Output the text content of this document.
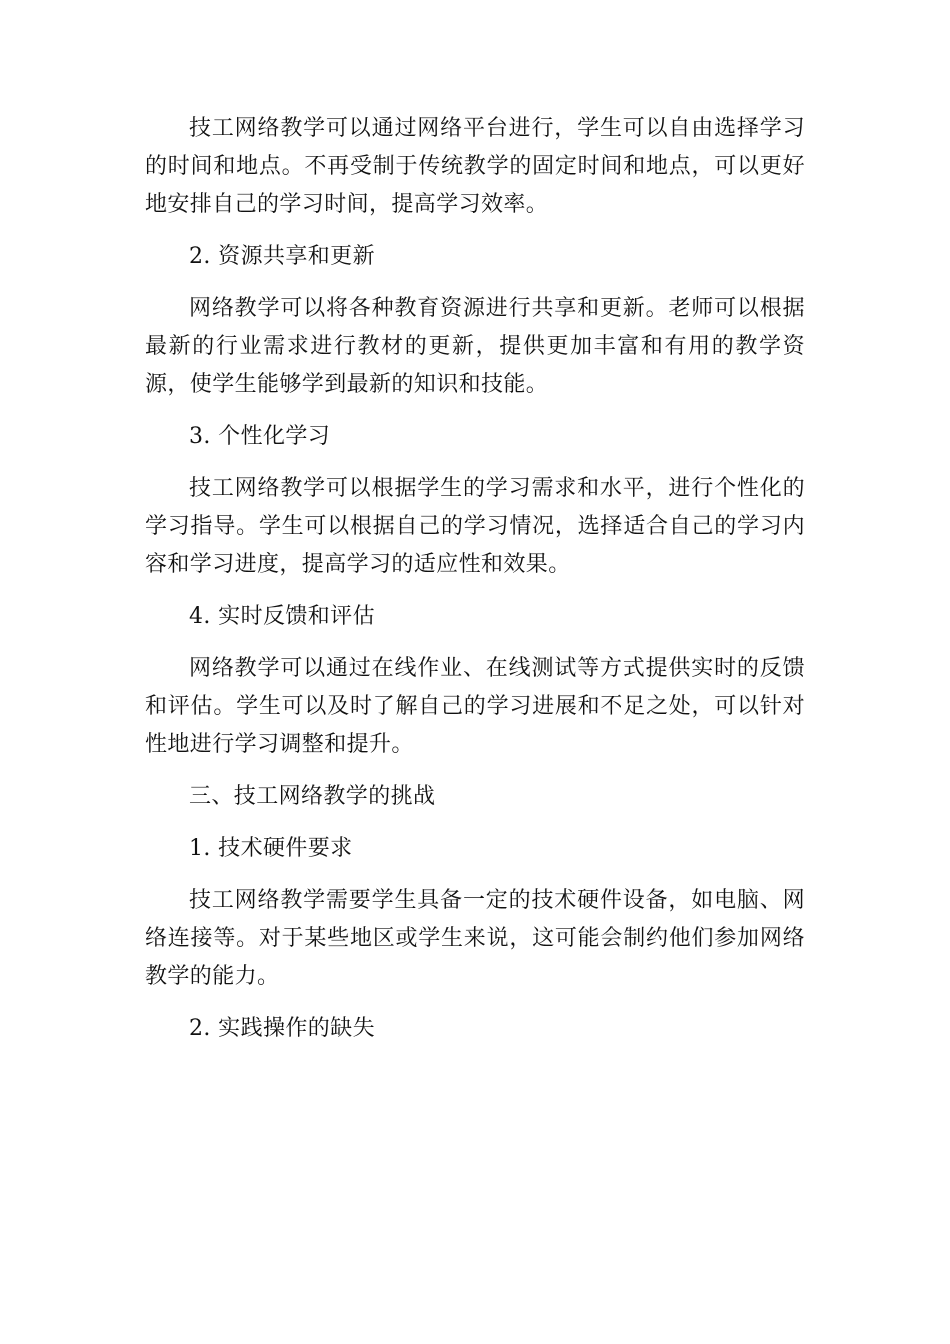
技工网络教学可以通过网络平台进行，学生可以自由选择学习的时间和地点。不再受制于传统教学的固定时间和地点，可以更好地安排自己的学习时间，提高学习效率。

2. 资源共享和更新

网络教学可以将各种教育资源进行共享和更新。老师可以根据最新的行业需求进行教材的更新，提供更加丰富和有用的教学资源，使学生能够学到最新的知识和技能。

3. 个性化学习

技工网络教学可以根据学生的学习需求和水平，进行个性化的学习指导。学生可以根据自己的学习情况，选择适合自己的学习内容和学习进度，提高学习的适应性和效果。

4. 实时反馈和评估

网络教学可以通过在线作业、在线测试等方式提供实时的反馈和评估。学生可以及时了解自己的学习进展和不足之处，可以针对性地进行学习调整和提升。

三、技工网络教学的挑战

1. 技术硬件要求

技工网络教学需要学生具备一定的技术硬件设备，如电脑、网络连接等。对于某些地区或学生来说，这可能会制约他们参加网络教学的能力。

2. 实践操作的缺失
